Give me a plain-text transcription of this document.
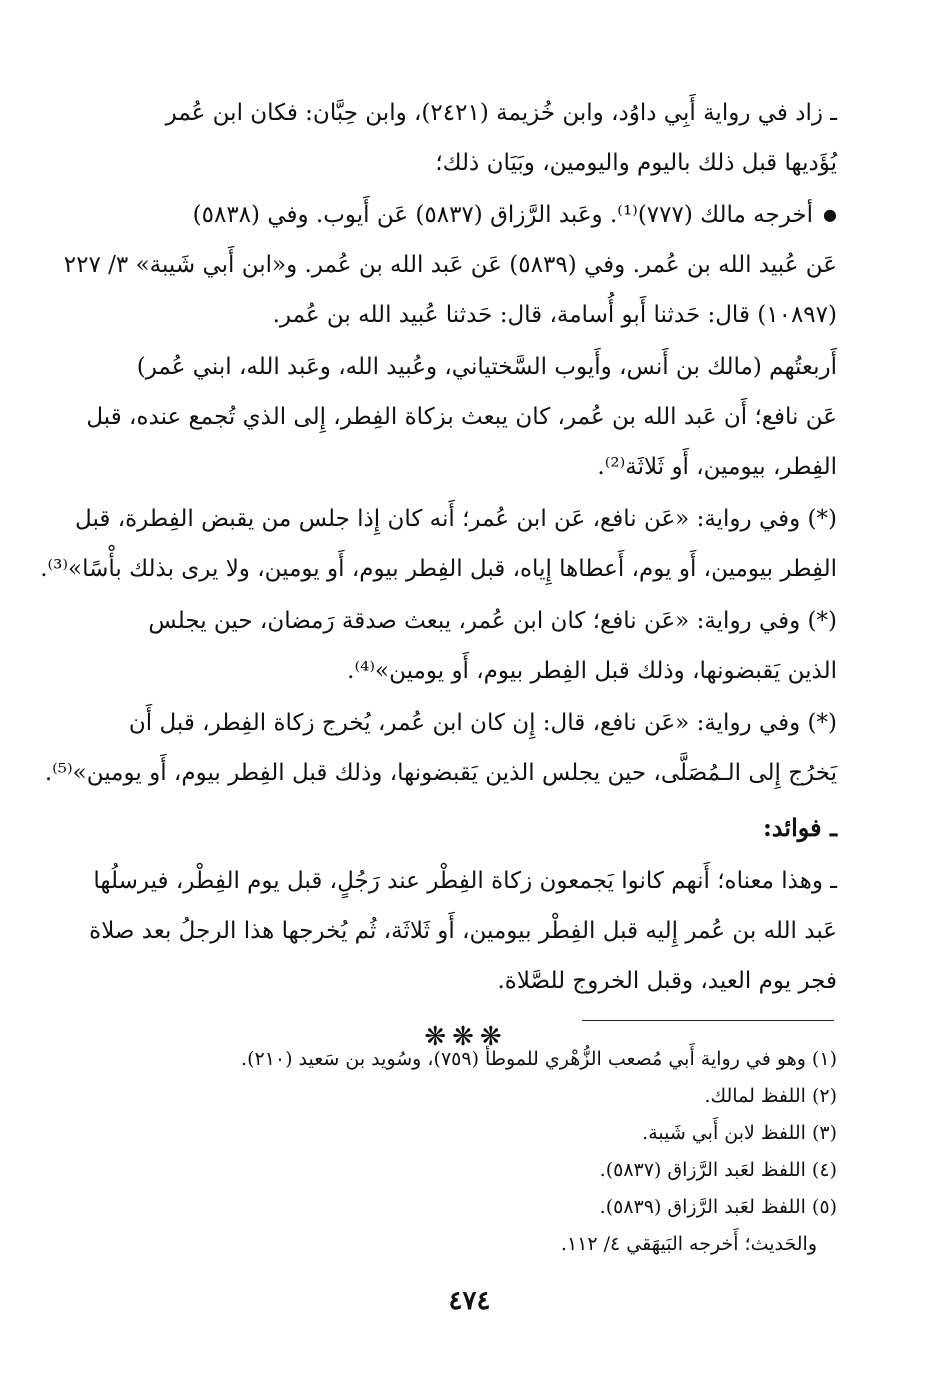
ـ زاد في رواية أَبِي داوُد، وابن خُزيمة (٢٤٢١)، وابن حِبَّان: فكان ابن عُمر
يُؤَديها قبل ذلك باليوم واليومين، وبَيَان ذلك؛
● أخرجه مالك (٧٧٧)⁽¹⁾. وعَبد الرَّزاق (٥٨٣٧) عَن أَيوب. وفي (٥٨٣٨)
عَن عُبيد الله بن عُمر. وفي (٥٨٣٩) عَن عَبد الله بن عُمر. و«ابن أَبي شَيبة» ٣/ ٢٢٧
(١٠٨٩٧) قال: حَدثنا أَبو أُسامة، قال: حَدثنا عُبيد الله بن عُمر.
أَربعتُهم (مالك بن أَنس، وأَيوب السَّختياني، وعُبيد الله، وعَبد الله، ابني عُمر)
عَن نافع؛ أَن عَبد الله بن عُمر، كان يبعث بزكاة الفِطر، إِلى الذي تُجمع عنده، قبل
الفِطر، بيومين، أَو ثَلاثَة⁽²⁾.
(*) وفي رواية: «عَن نافع، عَن ابن عُمر؛ أَنه كان إِذا جلس من يقبض الفِطرة، قبل
الفِطر بيومين، أَو يوم، أَعطاها إِياه، قبل الفِطر بيوم، أَو يومين، ولا يرى بذلك بأْسًا»⁽³⁾.
(*) وفي رواية: «عَن نافع؛ كان ابن عُمر، يبعث صدقة رَمضان، حين يجلس
الذين يَقبضونها، وذلك قبل الفِطر بيوم، أَو يومين»⁽⁴⁾.
(*) وفي رواية: «عَن نافع، قال: إِن كان ابن عُمر، يُخرج زكاة الفِطر، قبل أَن
يَخرُج إِلى الـمُصَلَّى، حين يجلس الذين يَقبضونها، وذلك قبل الفِطر بيوم، أَو يومين»⁽⁵⁾.
ـ فوائد:
ـ وهذا معناه؛ أَنهم كانوا يَجمعون زكاة الفِطْر عند رَجُلٍ، قبل يوم الفِطْر، فيرسلُها
عَبد الله بن عُمر إِليه قبل الفِطْر بيومين، أَو ثَلاثَة، ثُم يُخرجها هذا الرجلُ بعد صلاة
فجر يوم العيد، وقبل الخروج للصَّلاة.
❋❋❋
(١) وهو في رواية أَبي مُصعب الزُّهْري للموطأ (٧٥٩)، وسُويد بن سَعيد (٢١٠).
(٢) اللفظ لمالك.
(٣) اللفظ لابن أَبي شَيبة.
(٤) اللفظ لعَبد الرَّزاق (٥٨٣٧).
(٥) اللفظ لعَبد الرَّزاق (٥٨٣٩).
والحَديث؛ أَخرجه البَيهَقي ٤/ ١١٢.
٤٧٤
